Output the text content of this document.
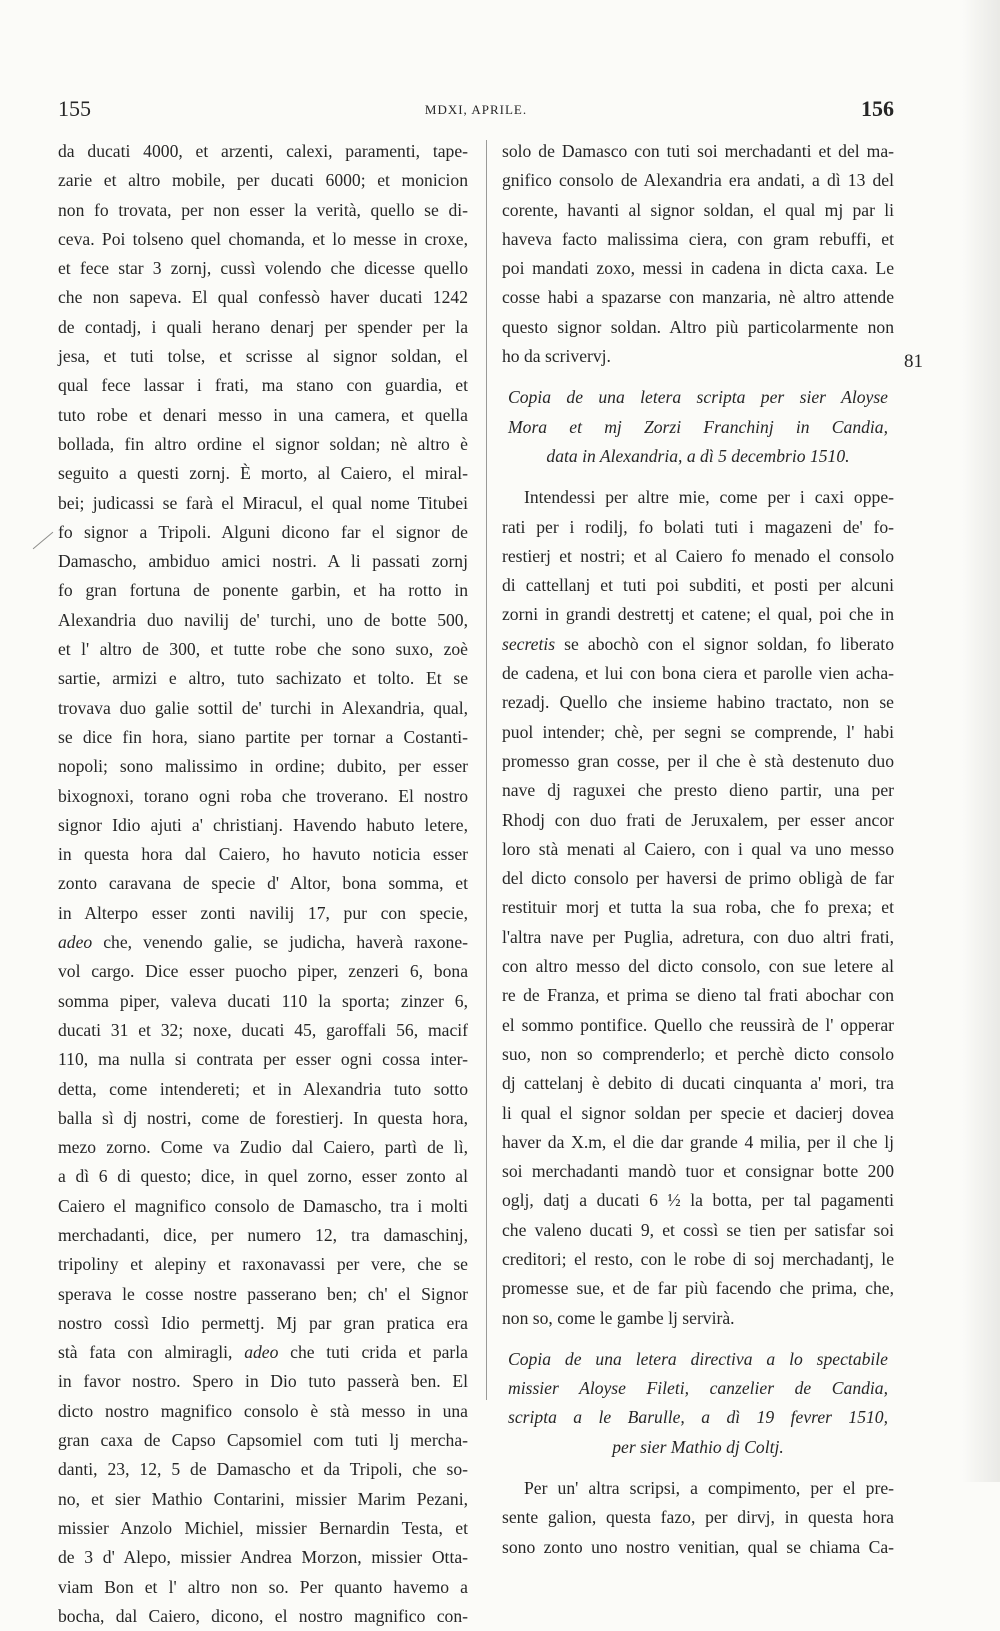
155	MDXI, APRILE.	156

da ducati 4000, et arzenti, calexi, paramenti, tape-

zarie et altro mobile, per ducati 6000; et monicion

non fo trovata, per non esser la verità, quello se di-

ceva. Poi tolseno quel chomanda, et lo messe in croxe,

et fece star 3 zornj, cussì volendo che dicesse quello

che non sapeva. El qual confessò haver ducati 1242

de contadj, i quali herano denarj per spender per la

jesa, et tuti tolse, et scrisse al signor soldan, el

qual fece lassar i frati, ma stano con guardia, et

tuto robe et denari messo in una camera, et quella

bollada, fin altro ordine el signor soldan; nè altro è

seguito a questi zornj. È morto, al Caiero, el miral-

bei; judicassi se farà el Miracul, el qual nome Titubei

fo signor a Tripoli. Alguni dicono far el signor de

Damascho, ambiduo amici nostri. A li passati zornj

fo gran fortuna de ponente garbin, et ha rotto in

Alexandria duo navilij de' turchi, uno de botte 500,

et l' altro de 300, et tutte robe che sono suxo, zoè

sartie, armizi e altro, tuto sachizato et tolto. Et se

trovava duo galie sottil de' turchi in Alexandria, qual,

se dice fin hora, siano partite per tornar a Costanti-

nopoli; sono malissimo in ordine; dubito, per esser

bixognoxi, torano ogni roba che troverano. El nostro

signor Idio ajuti a' christianj. Havendo habuto letere,

in questa hora dal Caiero, ho havuto noticia esser

zonto caravana de specie d' Altor, bona somma, et

in Alterpo esser zonti navilij 17, pur con specie,

adeo che, venendo galie, se judicha, haverà raxone-

vol cargo. Dice esser puocho piper, zenzeri 6, bona

somma piper, valeva ducati 110 la sporta; zinzer 6,

ducati 31 et 32; noxe, ducati 45, garoffali 56, macif

110, ma nulla si contrata per esser ogni cossa inter-

detta, come intendereti; et in Alexandria tuto sotto

balla sì dj nostri, come de forestierj. In questa hora,

mezo zorno. Come va Zudio dal Caiero, partì de lì,

a dì 6 di questo; dice, in quel zorno, esser zonto al

Caiero el magnifico consolo de Damascho, tra i molti

merchadanti, dice, per numero 12, tra damaschinj,

tripoliny et alepiny et raxonavassi per vere, che se

sperava le cosse nostre passerano ben; ch' el Signor

nostro cossì Idio permettj. Mj par gran pratica era

stà fata con almiragli, adeo che tuti crida et parla

in favor nostro. Spero in Dio tuto passerà ben. El

dicto nostro magnifico consolo è stà messo in una

gran caxa de Capso Capsomiel com tuti lj mercha-

danti, 23, 12, 5 de Damascho et da Tripoli, che so-

no, et sier Mathio Contarini, missier Marim Pezani,

missier Anzolo Michiel, missier Bernardin Testa, et

de 3 d' Alepo, missier Andrea Morzon, missier Otta-

viam Bon et l' altro non so. Per quanto havemo a

bocha, dal Caiero, dicono, el nostro magnifico con-

solo de Damasco con tuti soi merchadanti et del ma-

gnifico consolo de Alexandria era andati, a dì 13 del

corente, havanti al signor soldan, el qual mj par li

haveva facto malissima ciera, con gram rebuffi, et

poi mandati zoxo, messi in cadena in dicta caxa. Le

cosse habi a spazarse con manzaria, nè altro attende

questo signor soldan. Altro più particolarmente non

ho da scrivervj.

Copia de una letera scripta per sier Aloyse
Mora et mj Zorzi Franchinj in Candia,
data in Alexandria, a dì 5 decembrio 1510.

Intendessi per altre mie, come per i caxi oppe-

rati per i rodilj, fo bolati tuti i magazeni de' fo-

restierj et nostri; et al Caiero fo menado el consolo

di cattellanj et tuti poi subditi, et posti per alcuni

zorni in grandi destrettj et catene; el qual, poi che in

secretis se abochò con el signor soldan, fo liberato

de cadena, et lui con bona ciera et parolle vien acha-

rezadj. Quello che insieme habino tractato, non se

puol intender; chè, per segni se comprende, l' habi

promesso gran cosse, per il che è stà destenuto duo

nave dj raguxei che presto dieno partir, una per

Rhodj con duo frati de Jeruxalem, per esser ancor

loro stà menati al Caiero, con i qual va uno messo

del dicto consolo per haversi de primo obligà de far

restituir morj et tutta la sua roba, che fo prexa; et

l'altra nave per Puglia, adretura, con duo altri frati,

con altro messo del dicto consolo, con sue letere al

re de Franza, et prima se dieno tal frati abochar con

el sommo pontifice. Quello che reussirà de l' opperar

suo, non so comprenderlo; et perchè dicto consolo

dj cattelanj è debito di ducati cinquanta a' mori, tra

li qual el signor soldan per specie et dacierj dovea

haver da X.m, el die dar grande 4 milia, per il che lj

soi merchadanti mandò tuor et consignar botte 200

oglj, datj a ducati 6 ½ la botta, per tal pagamenti

che valeno ducati 9, et cossì se tien per satisfar soi

creditori; el resto, con le robe di soj merchadantj, le

promesse sue, et de far più facendo che prima, che,

non so, come le gambe lj servirà.

Copia de una letera directiva a lo spectabile
missier Aloyse Fileti, canzelier de Candia,
scripta a le Barulle, a dì 19 fevrer 1510,
per sier Mathio dj Coltj.

Per un' altra scripsi, a compimento, per el pre-

sente galion, questa fazo, per dirvj, in questa hora

sono zonto uno nostro venitian, qual se chiama Ca-

81
